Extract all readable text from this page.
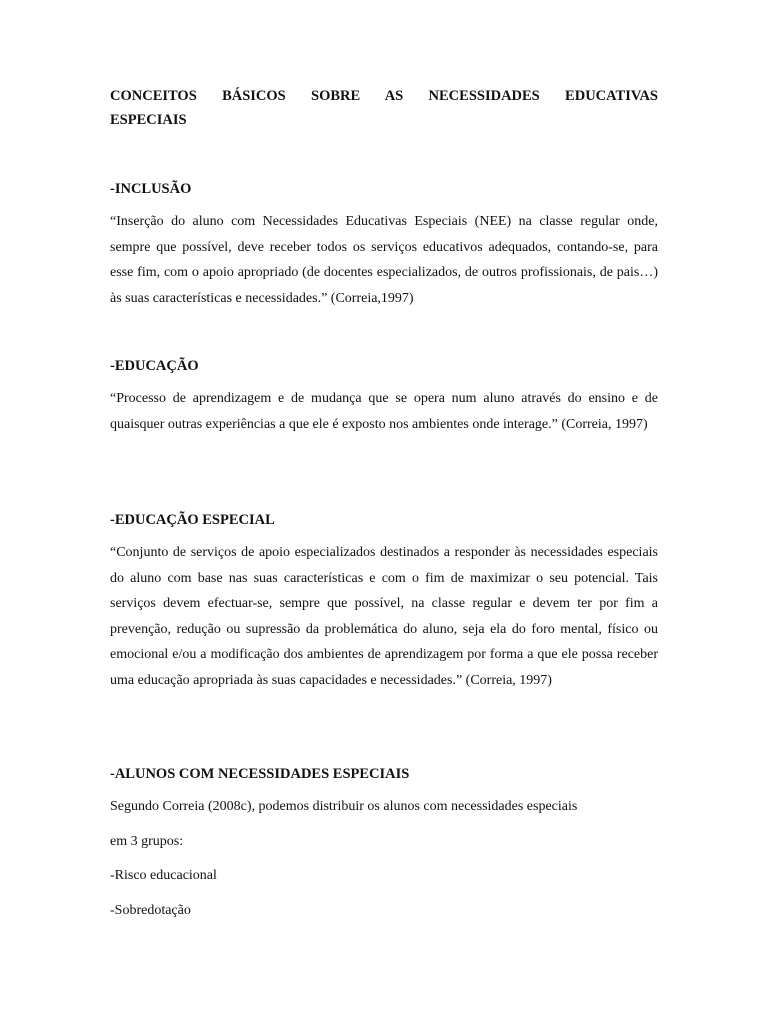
CONCEITOS BÁSICOS SOBRE AS NECESSIDADES EDUCATIVAS
ESPECIAIS
-INCLUSÃO

“Inserção do aluno com Necessidades Educativas Especiais (NEE) na classe regular onde, sempre que possível, deve receber todos os serviços educativos adequados, contando-se, para esse fim, com o apoio apropriado (de docentes especializados, de outros profissionais, de pais…) às suas características e necessidades.” (Correia,1997)

-EDUCAÇÃO

“Processo de aprendizagem e de mudança que se opera num aluno através do ensino e de quaisquer outras experiências a que ele é exposto nos ambientes onde interage.” (Correia, 1997)

-EDUCAÇÃO ESPECIAL

“Conjunto de serviços de apoio especializados destinados a responder às necessidades especiais do aluno com base nas suas características e com o fim de maximizar o seu potencial. Tais serviços devem efectuar-se, sempre que possível, na classe regular e devem ter por fim a prevenção, redução ou supressão da problemática do aluno, seja ela do foro mental, físico ou emocional e/ou a modificação dos ambientes de aprendizagem por forma a que ele possa receber uma educação apropriada às suas capacidades e necessidades.” (Correia, 1997)

-ALUNOS COM NECESSIDADES ESPECIAIS

Segundo Correia (2008c), podemos distribuir os alunos com necessidades especiais

em 3 grupos:

-Risco educacional

-Sobredotação
